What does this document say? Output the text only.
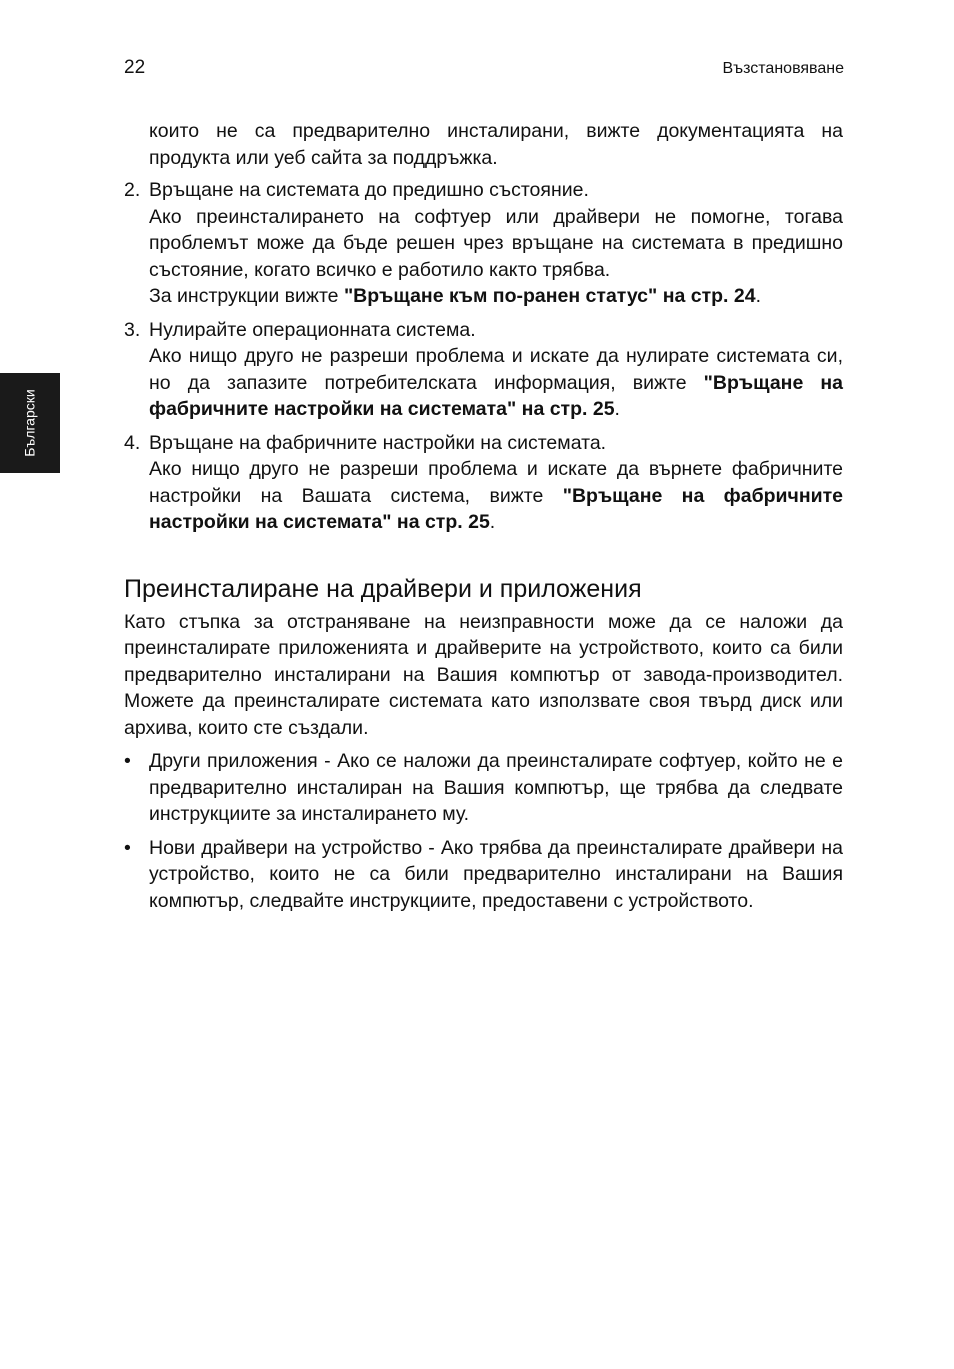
22	Възстановяване
Български

които не са предварително инсталирани, вижте документацията на продукта или уеб сайта за поддръжка.

2. Връщане на системата до предишно състояние.
Ако преинсталирането на софтуер или драйвери не помогне, тогава проблемът може да бъде решен чрез връщане на системата в предишно състояние, когато всичко е работило както трябва.
За инструкции вижте "Връщане към по-ранен статус" на стр. 24.
3. Нулирайте операционната система.
Ако нищо друго не разреши проблема и искате да нулирате системата си, но да запазите потребителската информация, вижте "Връщане на фабричните настройки на системата" на стр. 25.
4. Връщане на фабричните настройки на системата.
Ако нищо друго не разреши проблема и искате да върнете фабричните настройки на Вашата система, вижте "Връщане на фабричните настройки на системата" на стр. 25.
Преинсталиране на драйвери и приложения

Като стъпка за отстраняване на неизправности може да се наложи да преинсталирате приложенията и драйверите на устройството, които са били предварително инсталирани на Вашия компютър от завода-производител. Можете да преинсталирате системата като използвате своя твърд диск или архива, които сте създали.

• Други приложения - Ако се наложи да преинсталирате софтуер, който не е предварително инсталиран на Вашия компютър, ще трябва да следвате инструкциите за инсталирането му.
• Нови драйвери на устройство - Ако трябва да преинсталирате драйвери на устройство, които не са били предварително инсталирани на Вашия компютър, следвайте инструкциите, предоставени с устройството.
